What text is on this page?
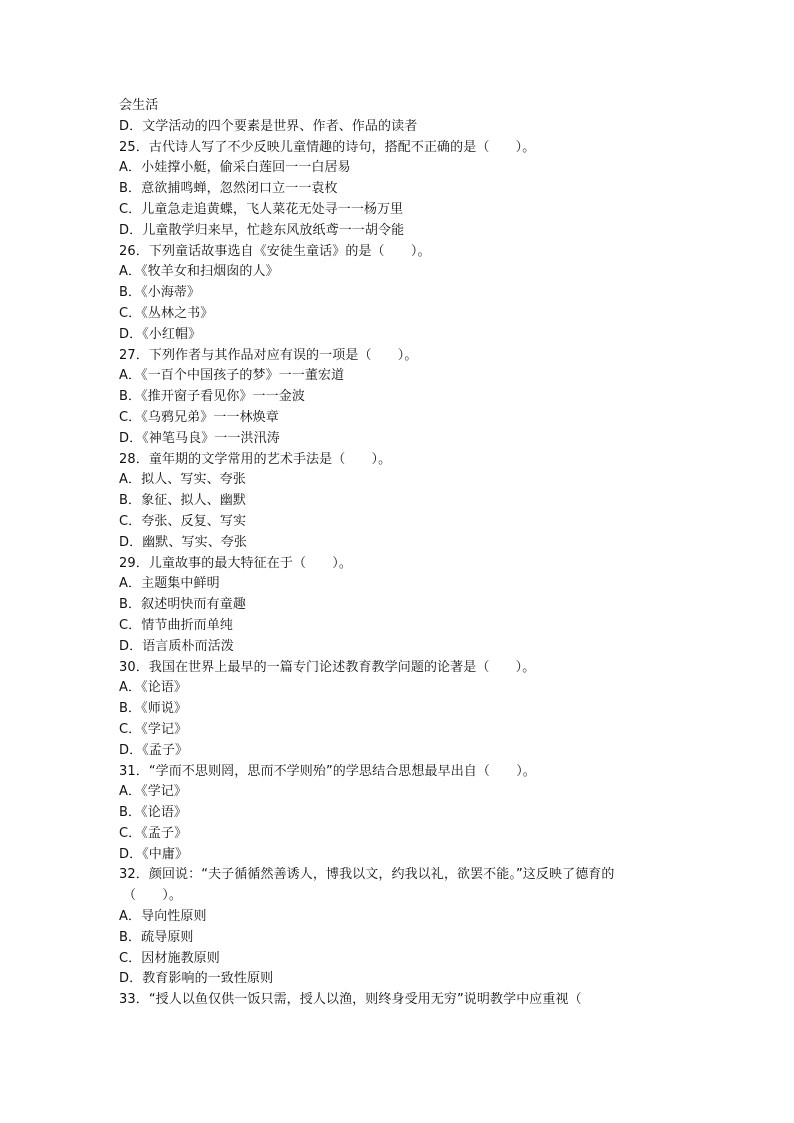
会生活
D．文学活动的四个要素是世界、作者、作品的读者
25．古代诗人写了不少反映儿童情趣的诗句，搭配不正确的是（　　）。
A．小娃撑小艇，偷采白莲回一一白居易
B．意欲捕鸣蝉，忽然闭口立一一袁枚
C．儿童急走追黄蝶，飞人菜花无处寻一一杨万里
D．儿童散学归来早，忙趁东风放纸鸢一一胡令能
26．下列童话故事选自《安徒生童话》的是（　　）。
A．《牧羊女和扫烟囱的人》
B．《小海蒂》
C．《丛林之书》
D．《小红帽》
27．下列作者与其作品对应有误的一项是（　　）。
A．《一百个中国孩子的梦》一一董宏道
B．《推开窗子看见你》一一金波
C．《乌鸦兄弟》一一林焕章
D．《神笔马良》一一洪汛涛
28．童年期的文学常用的艺术手法是（　　）。
A．拟人、写实、夸张
B．象征、拟人、幽默
C．夸张、反复、写实
D．幽默、写实、夸张
29．儿童故事的最大特征在于（　　）。
A．主题集中鲜明
B．叙述明快而有童趣
C．情节曲折而单纯
D．语言质朴而活泼
30．我国在世界上最早的一篇专门论述教育教学问题的论著是（　　）。
A．《论语》
B．《师说》
C．《学记》
D．《孟子》
31．“学而不思则罔，思而不学则殆”的学思结合思想最早出自（　　）。
A．《学记》
B．《论语》
C．《孟子》
D．《中庸》
32．颜回说：“夫子循循然善诱人，博我以文，约我以礼，欲罢不能。”这反映了德育的
（　　）。
A．导向性原则
B．疏导原则
C．因材施教原则
D．教育影响的一致性原则
33．“授人以鱼仅供一饭只需，授人以渔，则终身受用无穷”说明教学中应重视（
